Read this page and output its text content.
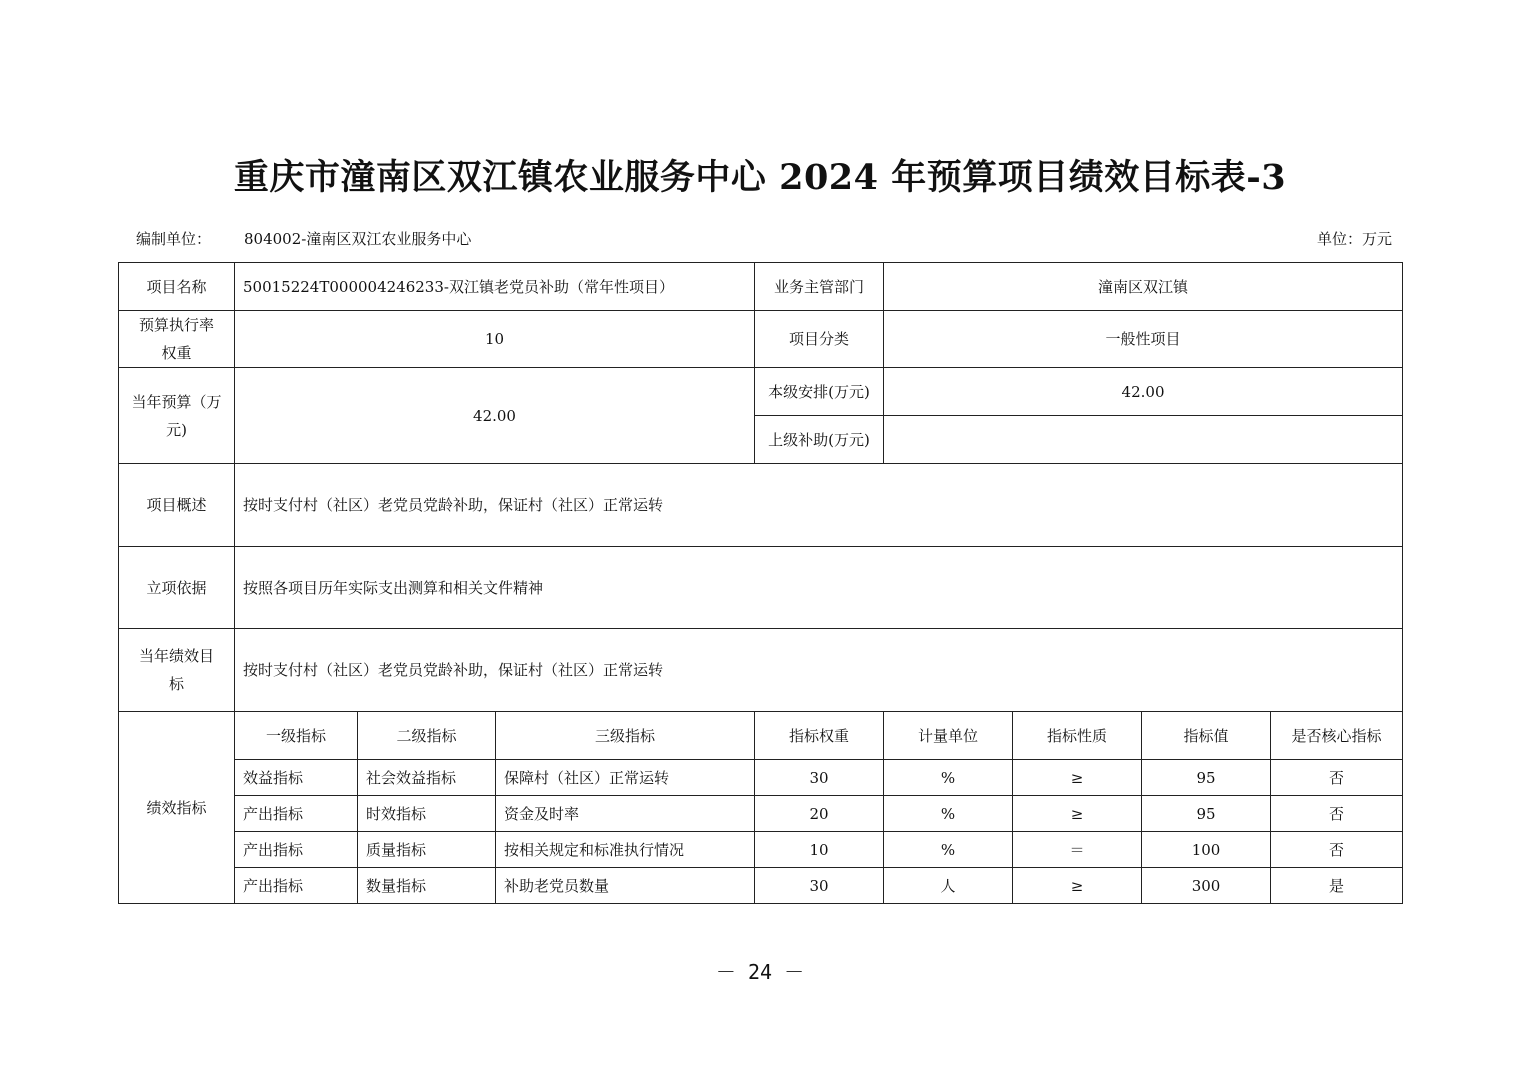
重庆市潼南区双江镇农业服务中心 2024 年预算项目绩效目标表-3
编制单位： 804002-潼南区双江农业服务中心	单位：万元
项目名称	50015224T000004246233-双江镇老党员补助（常年性项目）			业务主管部门	潼南区双江镇			

预算执行率
权重	10			项目分类	一般性项目			

当年预算（万
元)	42.00			本级安排(万元)	42.00			
				上级补助(万元)				
项目概述	按时支付村（社区）老党员党龄补助，保证村（社区）正常运转							
立项依据	按照各项目历年实际支出测算和相关文件精神							

当年绩效目
标	按时支付村（社区）老党员党龄补助，保证村（社区）正常运转							
绩效指标	一级指标	二级指标	三级指标	指标权重	计量单位	指标性质	指标值	是否核心指标
	效益指标	社会效益指标	保障村（社区）正常运转	30	%	≥	95	否
	产出指标	时效指标	资金及时率	20	%	≥	95	否
	产出指标	质量指标	按相关规定和标准执行情况	10	%	＝	100	否
	产出指标	数量指标	补助老党员数量	30	人	≥	300	是
－ 24 －
